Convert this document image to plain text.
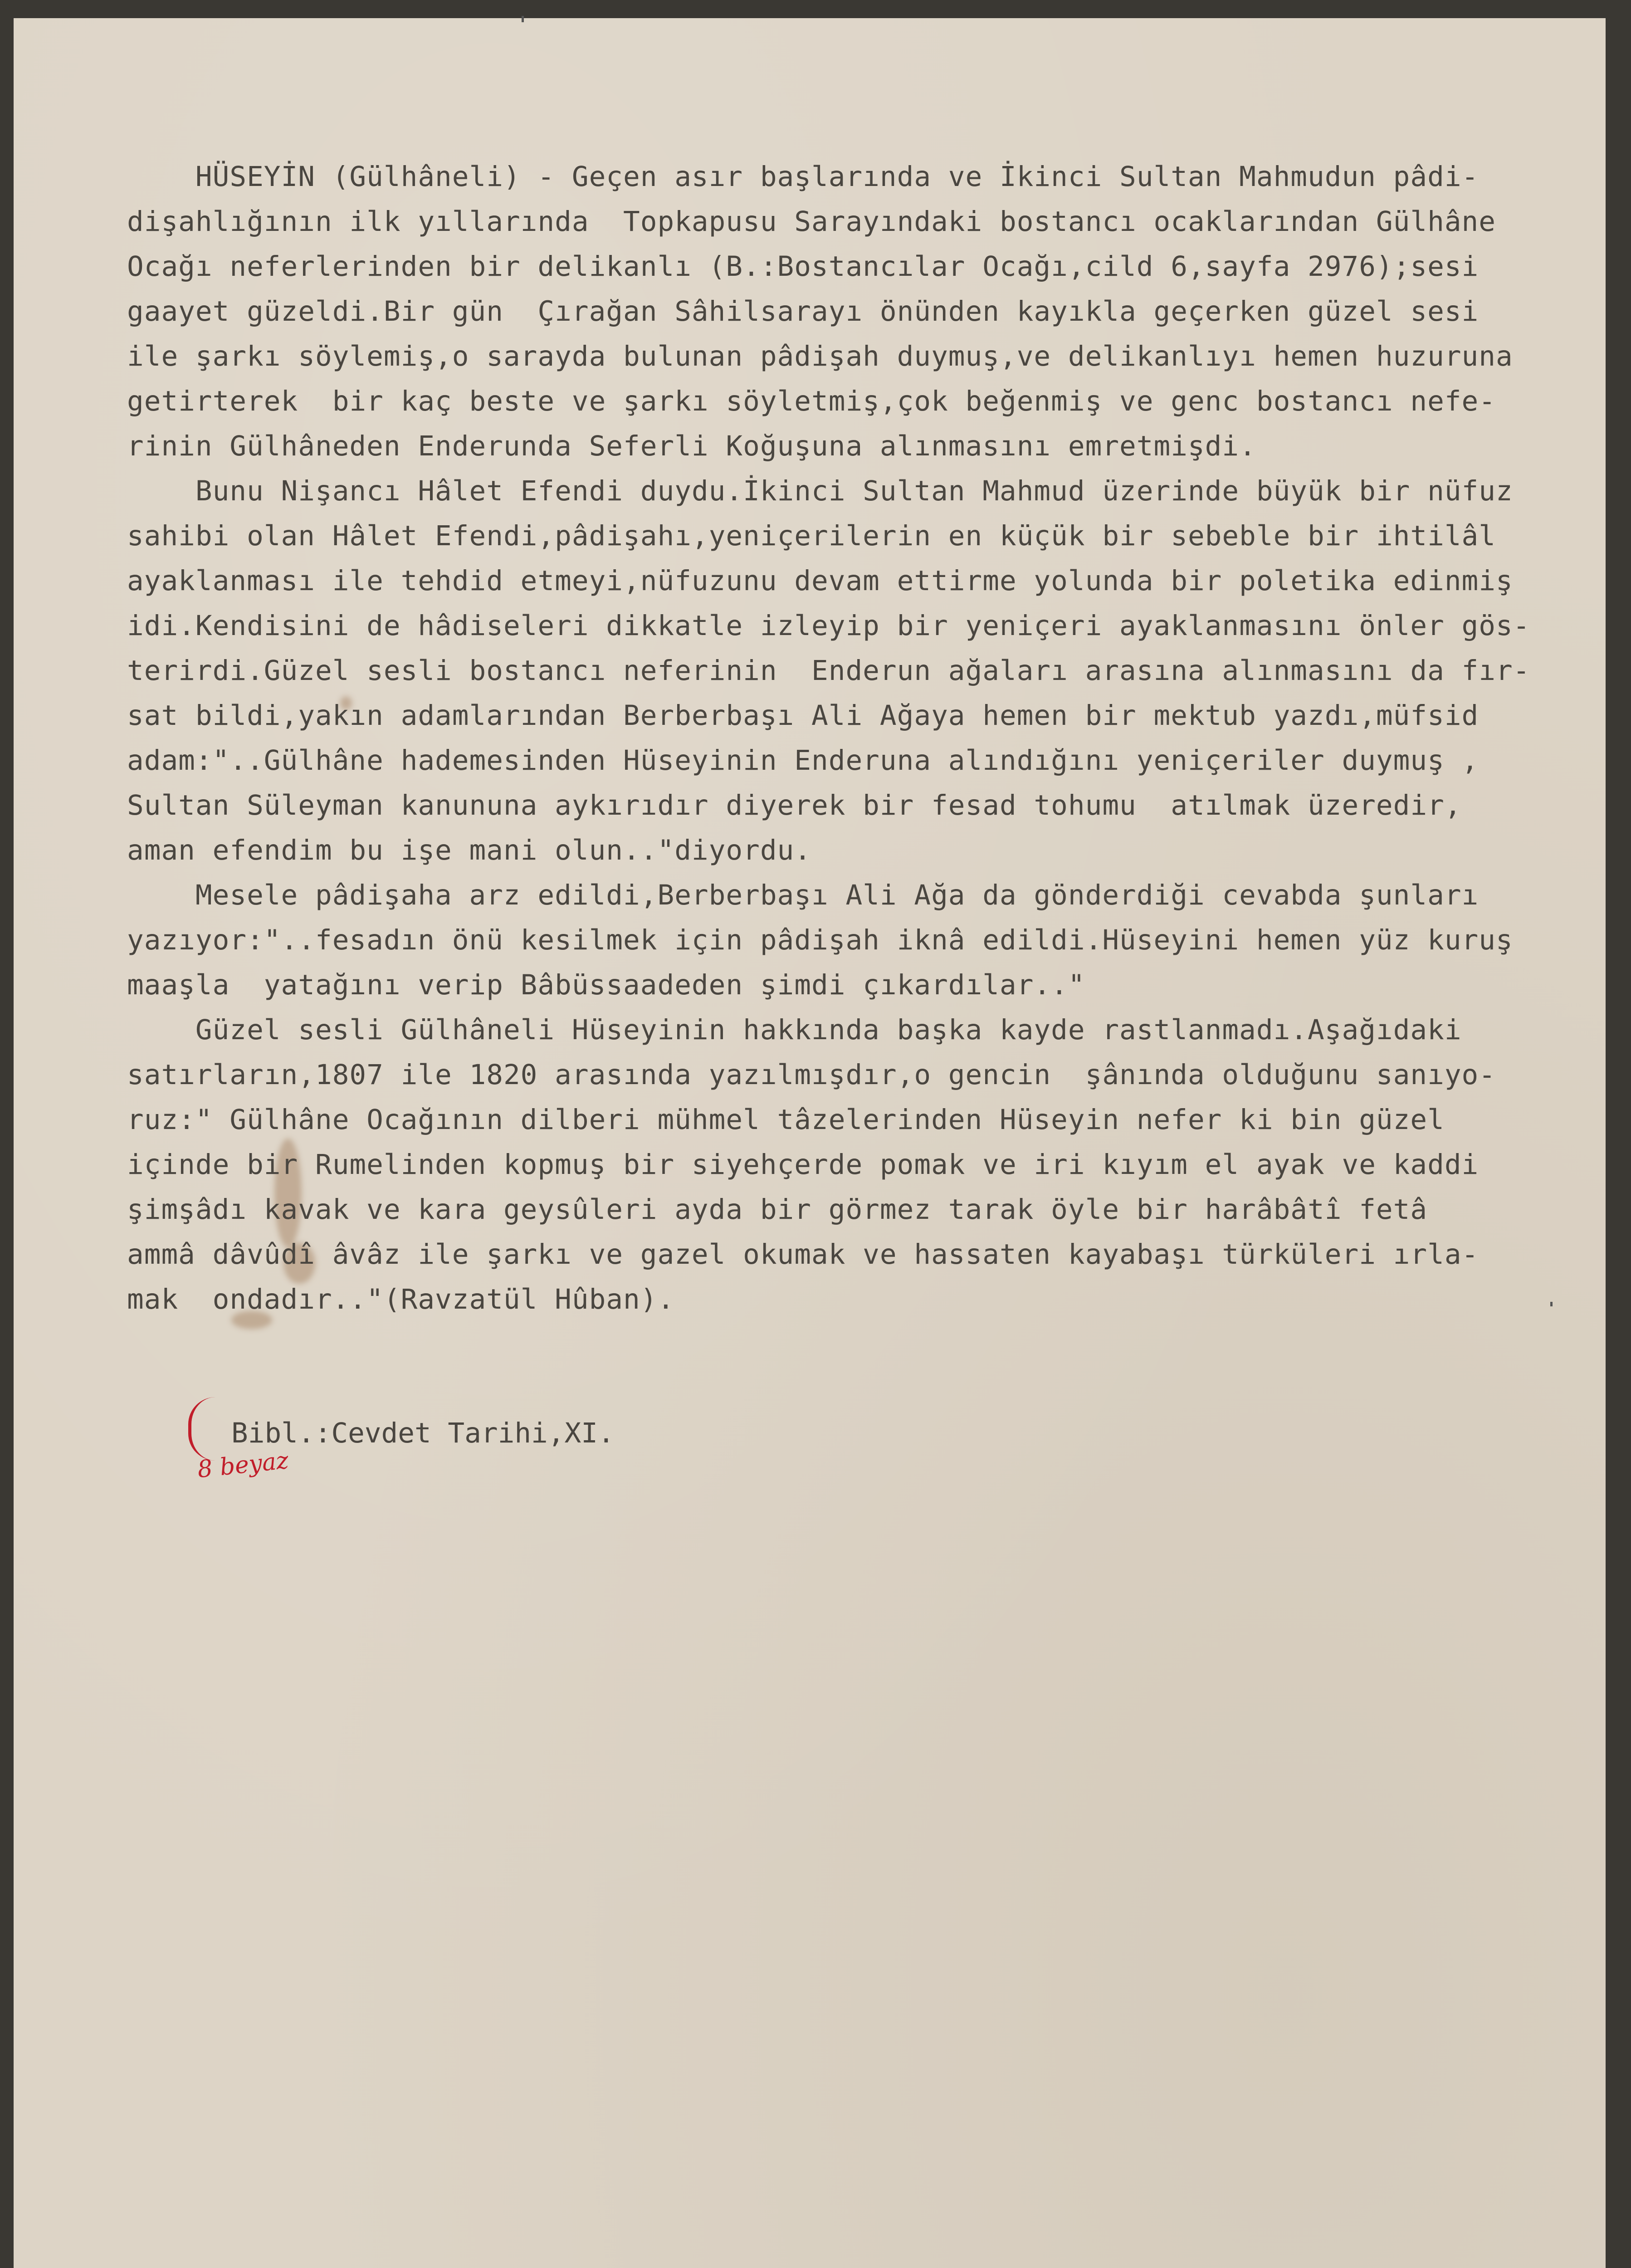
HÜSEYİN (Gülhâneli) - Geçen asır başlarında ve İkinci Sultan Mahmudun pâdi-
dişahlığının ilk yıllarında  Topkapusu Sarayındaki bostancı ocaklarından Gülhâne
Ocağı neferlerinden bir delikanlı (B.:Bostancılar Ocağı,cild 6,sayfa 2976);sesi
gaayet güzeldi.Bir gün  Çırağan Sâhilsarayı önünden kayıkla geçerken güzel sesi
ile şarkı söylemiş,o sarayda bulunan pâdişah duymuş,ve delikanlıyı hemen huzuruna
getirterek  bir kaç beste ve şarkı söyletmiş,çok beğenmiş ve genc bostancı nefe-
rinin Gülhâneden Enderunda Seferli Koğuşuna alınmasını emretmişdi.
Bunu Nişancı Hâlet Efendi duydu.İkinci Sultan Mahmud üzerinde büyük bir nüfuz
sahibi olan Hâlet Efendi,pâdişahı,yeniçerilerin en küçük bir sebeble bir ihtilâl
ayaklanması ile tehdid etmeyi,nüfuzunu devam ettirme yolunda bir poletika edinmiş
idi.Kendisini de hâdiseleri dikkatle izleyip bir yeniçeri ayaklanmasını önler gös-
terirdi.Güzel sesli bostancı neferinin  Enderun ağaları arasına alınmasını da fır-
sat bildi,yakın adamlarından Berberbaşı Ali Ağaya hemen bir mektub yazdı,müfsid
adam:"..Gülhâne hademesinden Hüseyinin Enderuna alındığını yeniçeriler duymuş ,
Sultan Süleyman kanununa aykırıdır diyerek bir fesad tohumu  atılmak üzeredir,
aman efendim bu işe mani olun.."diyordu.
Mesele pâdişaha arz edildi,Berberbaşı Ali Ağa da gönderdiği cevabda şunları
yazıyor:"..fesadın önü kesilmek için pâdişah iknâ edildi.Hüseyini hemen yüz kuruş
maaşla  yatağını verip Bâbüssaadeden şimdi çıkardılar.."
Güzel sesli Gülhâneli Hüseyinin hakkında başka kayde rastlanmadı.Aşağıdaki
satırların,1807 ile 1820 arasında yazılmışdır,o gencin  şânında olduğunu sanıyo-
ruz:" Gülhâne Ocağının dilberi mühmel tâzelerinden Hüseyin nefer ki bin güzel
içinde bir Rumelinden kopmuş bir siyehçerde pomak ve iri kıyım el ayak ve kaddi
şimşâdı kavak ve kara geysûleri ayda bir görmez tarak öyle bir harâbâtî fetâ
ammâ dâvûdî âvâz ile şarkı ve gazel okumak ve hassaten kayabaşı türküleri ırla-
mak  ondadır.."(Ravzatül Hûban).
Bibl.:Cevdet Tarihi,XI.
8 beyaz
